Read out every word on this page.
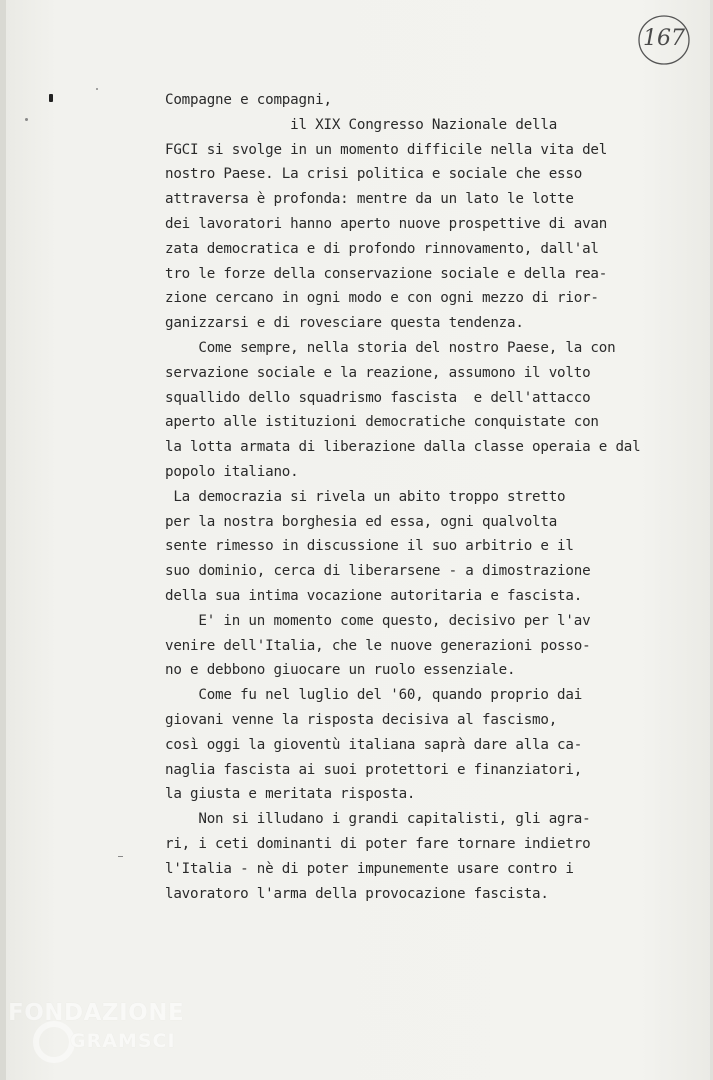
167
Compagne e compagni,
il XIX Congresso Nazionale della
FGCI si svolge in un momento difficile nella vita del
nostro Paese. La crisi politica e sociale che esso
attraversa è profonda: mentre da un lato le lotte
dei lavoratori hanno aperto nuove prospettive di avan
zata democratica e di profondo rinnovamento, dall'al
tro le forze della conservazione sociale e della rea-
zione cercano in ogni modo e con ogni mezzo di rior-
ganizzarsi e di rovesciare questa tendenza.
Come sempre, nella storia del nostro Paese, la con
servazione sociale e la reazione, assumono il volto
squallido dello squadrismo fascista  e dell'attacco
aperto alle istituzioni democratiche conquistate con
la lotta armata di liberazione dalla classe operaia e dal
popolo italiano.
La democrazia si rivela un abito troppo stretto
per la nostra borghesia ed essa, ogni qualvolta
sente rimesso in discussione il suo arbitrio e il
suo dominio, cerca di liberarsene - a dimostrazione
della sua intima vocazione autoritaria e fascista.
E' in un momento come questo, decisivo per l'av
venire dell'Italia, che le nuove generazioni posso-
no e debbono giuocare un ruolo essenziale.
Come fu nel luglio del '60, quando proprio dai
giovani venne la risposta decisiva al fascismo,
così oggi la gioventù italiana saprà dare alla ca-
naglia fascista ai suoi protettori e finanziatori,
la giusta e meritata risposta.
Non si illudano i grandi capitalisti, gli agra-
ri, i ceti dominanti di poter fare tornare indietro
l'Italia - nè di poter impunemente usare contro i
lavoratoro l'arma della provocazione fascista.
FONDAZIONE
GRAMSCI
